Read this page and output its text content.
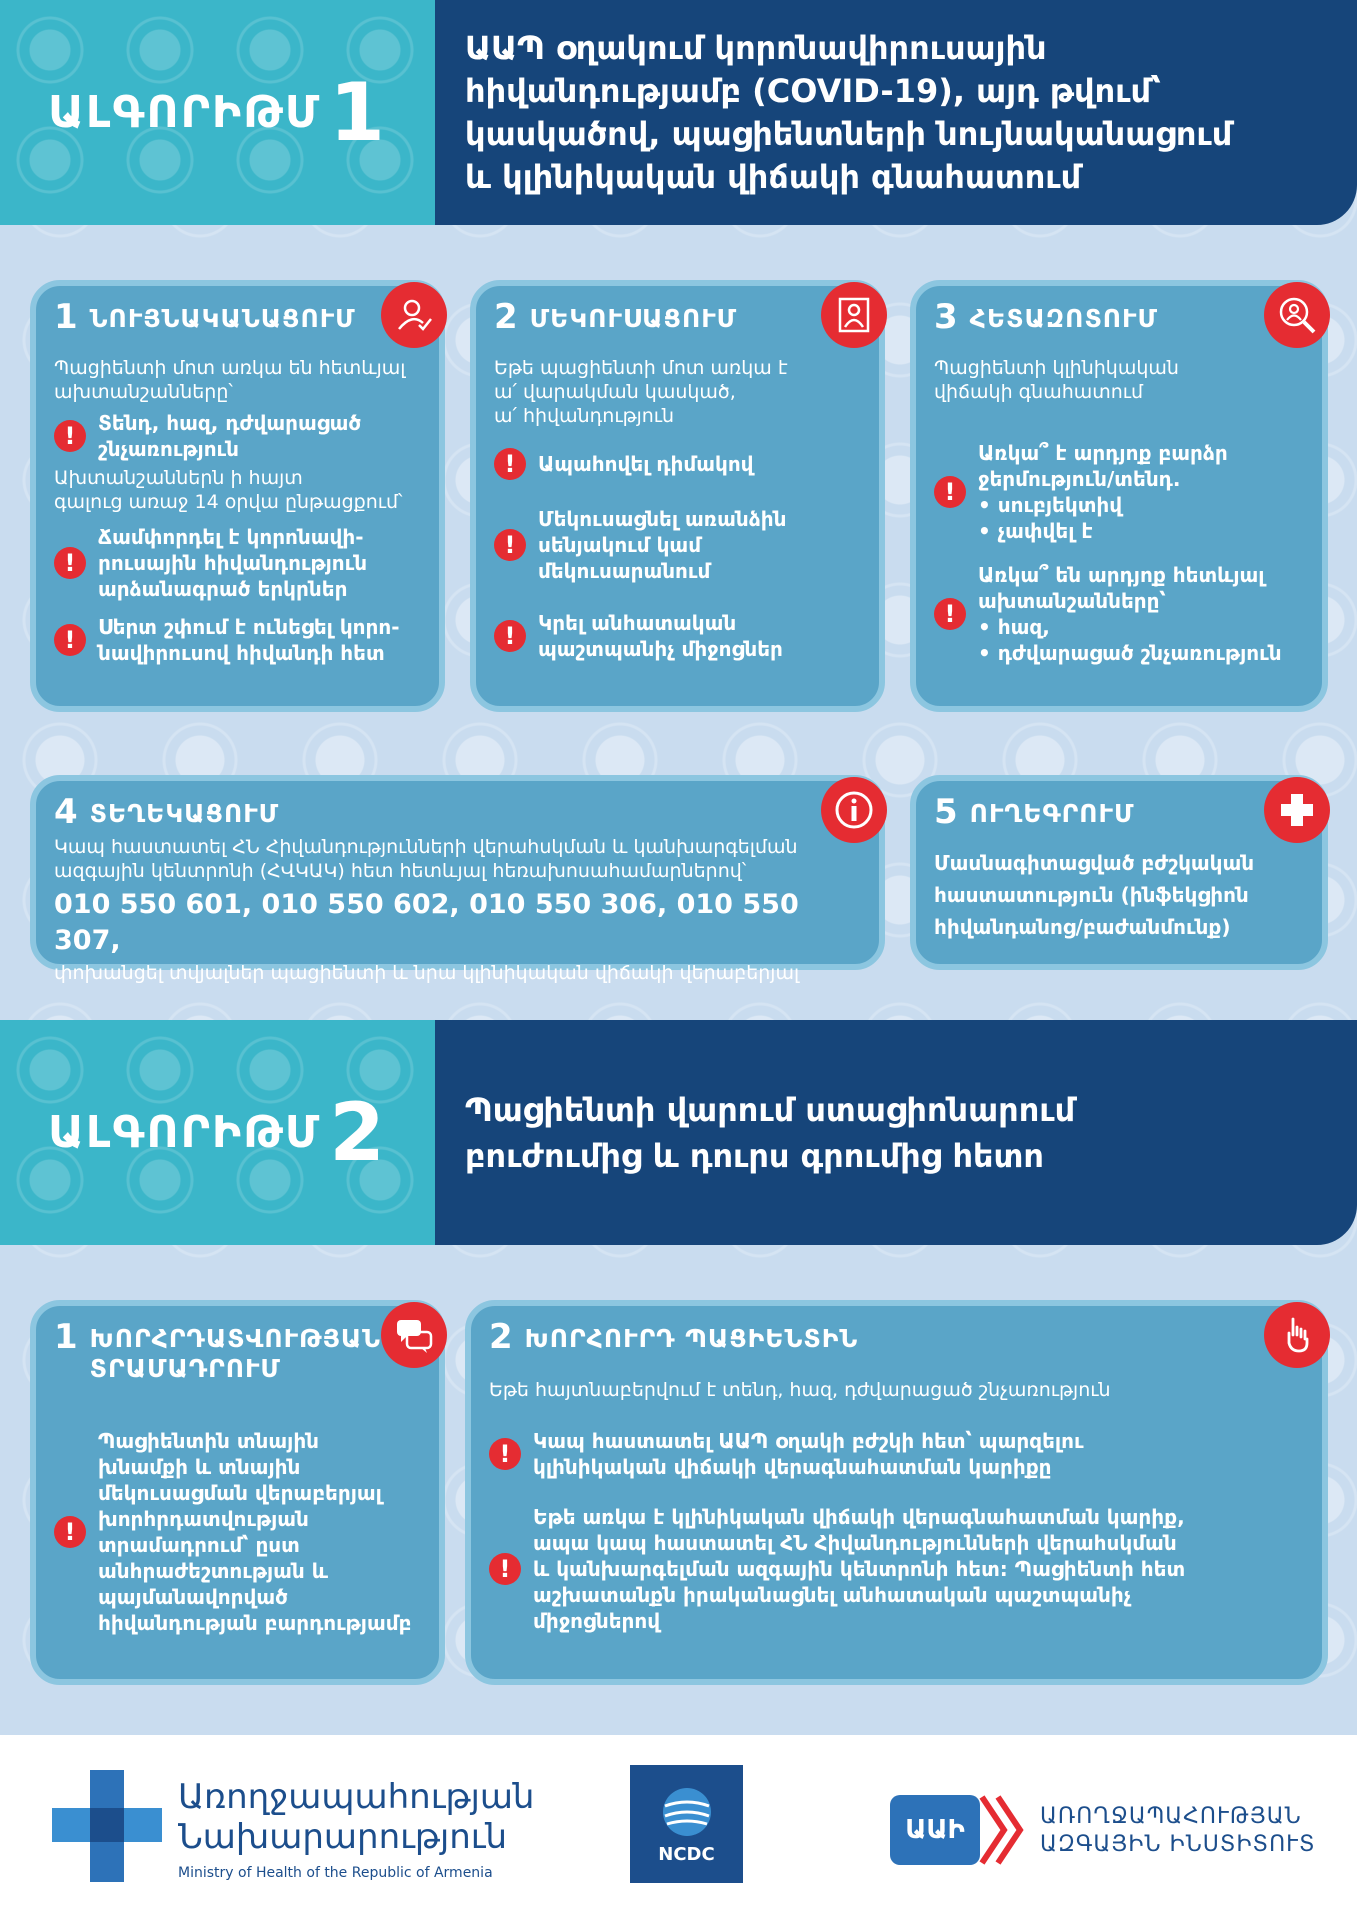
ԱԼԳՈՐԻԹՄ 1
ԱԱՊ օղակում կորոնավիրուսային
հիվանդությամբ (COVID-19), այդ թվում՝
կասկածով, պացիենտների նույնականացում
և կլինիկական վիճակի գնահատում
1 ՆՈՒՅՆԱԿԱՆԱՑՈՒՄ
Պացիենտի մոտ առկա են հետևյալ
ախտանշանները՝
!	Տենդ, հազ, դժվարացած
շնչառություն
Ախտանշաններն ի հայտ
գալուց առաջ 14 օրվա ընթացքում՝
!
Ճամփորդել է կորոնավի-
րուսային հիվանդություն
արձանագրած երկրներ
!	Սերտ շփում է ունեցել կորո-
նավիրուսով հիվանդի հետ
2 ՄԵԿՈՒՍԱՑՈՒՄ
Եթե պացիենտի մոտ առկա է
ա՛ վարակման կասկած,
ա՛ հիվանդություն
!	Ապահովել դիմակով
!
Մեկուսացնել առանձին
սենյակում կամ
մեկուսարանում
!	Կրել անհատական
պաշտպանիչ միջոցներ
3 ՀԵՏԱԶՈՏՈՒՄ
Պացիենտի կլինիկական
վիճակի գնահատում
!
Առկա՞ է արդյոք բարձր
ջերմություն/տենդ.
• սուբյեկտիվ
• չափվել է
!
Առկա՞ են արդյոք հետևյալ
ախտանշանները՝
• հազ,
• դժվարացած շնչառություն
4 ՏԵՂԵԿԱՑՈՒՄ
Կապ հաստատել ՀՆ Հիվանդությունների վերահսկման և կանխարգելման
ազգային կենտրոնի (ՀՎԿԱԿ) հետ հետևյալ հեռախոսահամարներով՝
010 550 601, 010 550 602, 010 550 306, 010 550 307,
փոխանցել տվյալներ պացիենտի և նրա կլինիկական վիճակի վերաբերյալ
5 ՈՒՂԵԳՐՈՒՄ
Մասնագիտացված բժշկական
հաստատություն (ինֆեկցիոն
հիվանդանոց/բաժանմունք)
ԱԼԳՈՐԻԹՄ 2 Պացիենտի վարում ստացիոնարում
բուժումից և դուրս գրումից հետո
1 ԽՈՐՀՐԴԱՏՎՈՒԹՅԱՆ
ՏՐԱՄԱԴՐՈՒՄ
!
Պացիենտին տնային
խնամքի և տնային
մեկուսացման վերաբերյալ
խորհրդատվության
տրամադրում՝ ըստ
անհրաժեշտության և
պայմանավորված
հիվանդության բարդությամբ
2 ԽՈՐՀՈՒՐԴ ՊԱՑԻԵՆՏԻՆ
Եթե հայտնաբերվում է տենդ, հազ, դժվարացած շնչառություն
!	Կապ հաստատել ԱԱՊ օղակի բժշկի հետ՝ պարզելու
կլինիկական վիճակի վերագնահատման կարիքը
!
Եթե առկա է կլինիկական վիճակի վերագնահատման կարիք,
ապա կապ հաստատել ՀՆ Հիվանդությունների վերահսկման
և կանխարգելման ազգային կենտրոնի հետ: Պացիենտի հետ
աշխատանքն իրականացնել անհատական պաշտպանիչ
միջոցներով
Առողջապահության
Նախարարություն
Ministry of Health of the Republic of Armenia
NCDC
ԱԱԻ	ԱՌՈՂՋԱՊԱՀՈՒԹՅԱՆ
ԱԶԳԱՅԻՆ ԻՆՍՏԻՏՈՒՏ
